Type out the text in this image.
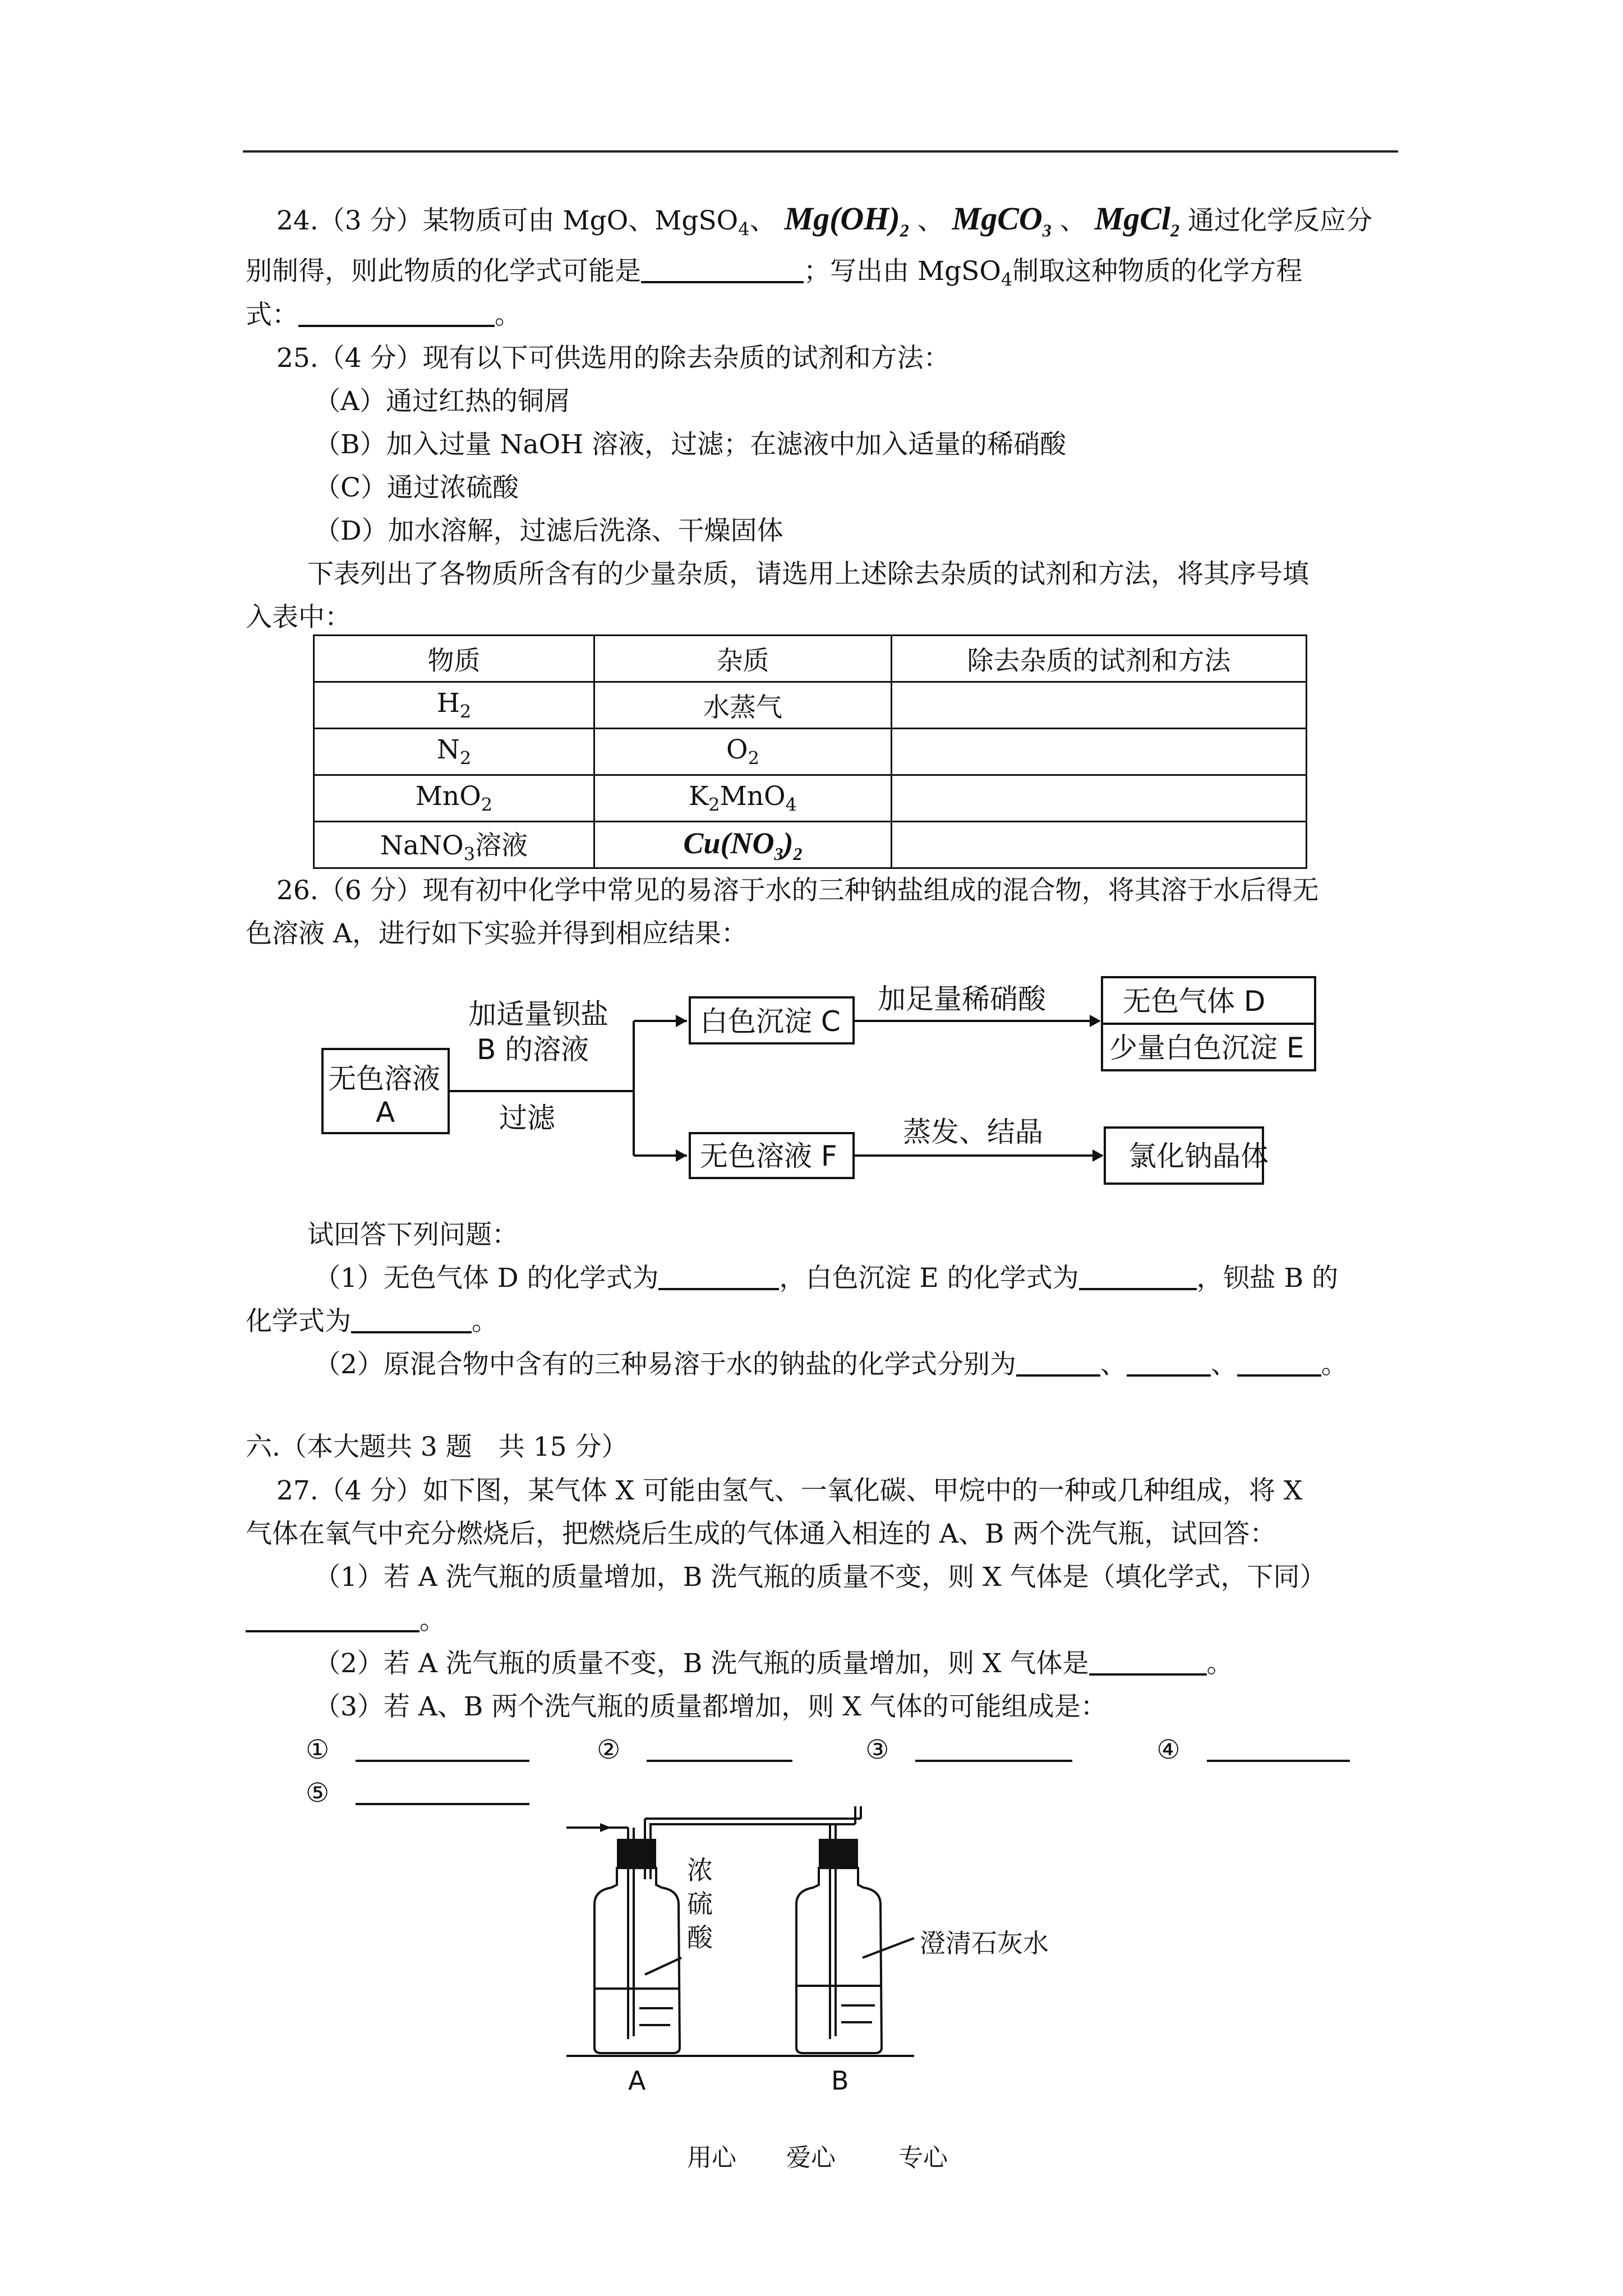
24.（3 分）某物质可由 MgO、MgSO$_4$、 $Mg(OH)_2$ 、 MgCO$_3$ 、 MgCl$_2$ 通过化学反应分
别制得，则此物质的化学式可能是	；写出由 MgSO$_4$制取这种物质的化学方程
式：	。
25.（4 分）现有以下可供选用的除去杂质的试剂和方法：
（A）通过红热的铜屑
（B）加入过量 NaOH 溶液，过滤；在滤液中加入适量的稀硝酸
（C）通过浓硫酸
（D）加水溶解，过滤后洗涤、干燥固体
下表列出了各物质所含有的少量杂质，请选用上述除去杂质的试剂和方法，将其序号填
入表中：
物质	杂质	除去杂质的试剂和方法
$H_2$	水蒸气	
$N_2$	$O_2$	
MnO$_2$	$K_2MnO_4$	
NaNO$_3$溶液	$Cu(NO_3)_2$	
26.（6 分）现有初中化学中常见的易溶于水的三种钠盐组成的混合物，将其溶于水后得无
色溶液 A，进行如下实验并得到相应结果：
无色溶液
A
加适量钡盐
B 的溶液
过滤
白色沉淀 C
加足量稀硝酸	无色气体 D
少量白色沉淀 E
无色溶液 F
蒸发、结晶
氯化钠晶体
试回答下列问题：
（1）无色气体 D 的化学式为	，白色沉淀 E 的化学式为	，钡盐 B 的
化学式为	。
（2）原混合物中含有的三种易溶于水的钠盐的化学式分别为	、	、	。
六.（本大题共 3 题　共 15 分）
27.（4 分）如下图，某气体 X 可能由氢气、一氧化碳、甲烷中的一种或几种组成，将 X
气体在氧气中充分燃烧后，把燃烧后生成的气体通入相连的 A、B 两个洗气瓶，试回答：
（1）若 A 洗气瓶的质量增加，B 洗气瓶的质量不变，则 X 气体是（填化学式，下同）
。
（2）若 A 洗气瓶的质量不变，B 洗气瓶的质量增加，则 X 气体是	。
（3）若 A、B 两个洗气瓶的质量都增加，则 X 气体的可能组成是：
①　	②　	③　	④　
⑤　
浓
硫
酸	澄清石灰水
A	B
用心 爱心	专心
